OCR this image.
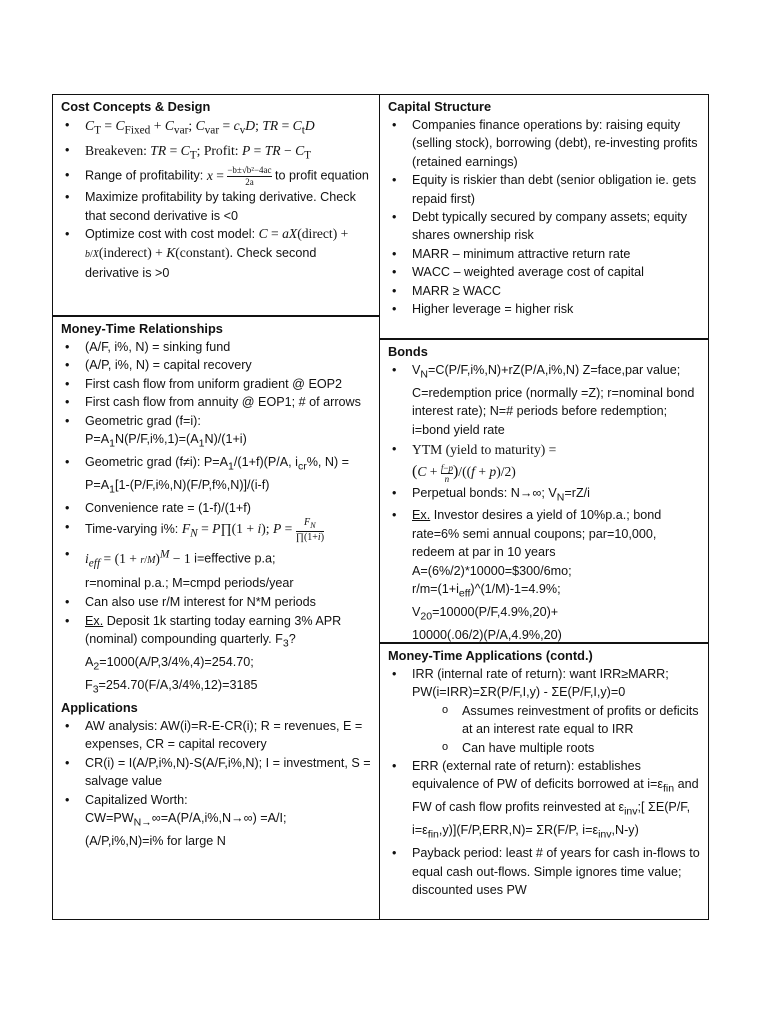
Cost Concepts & Design
• $C_T = C_{Fixed} + C_{var}$; $C_{var} = c_vD$; TR = $C_tD$
• Breakeven: TR = $C_T$; Profit: P = TR − $C_T$
• Range of profitability: $x = \frac{\text{−b±√b²−4ac}}{2a}$ to profit equation
• Maximize profitability by taking derivative. Check that second derivative is <0
• Optimize cost with cost model: C = aX(direct) + b/X(inderect) + K(constant). Check second derivative is >0
Money-Time Relationships
• (A/F, i%, N) = sinking fund
• (A/P, i%, N) = capital recovery
• First cash flow from uniform gradient @ EOP2
• First cash flow from annuity @ EOP1; # of arrows
• Geometric grad (f=i):
$P=A_1N(P/F,i\%,1)=(A_1N)/(1+i)$
• Geometric grad (f≠i): $P=A_1/(1+f)(P/A$, $i_{cr}\%$, $N) = P=A_1[1-(P/F,i\%,N)(F/P,f\%,N)]/(i-f)$
• Convenience rate = (1-f)/(1+f)
• Time-varying i%: $F_N$ = P∏(1 + i); $P = \frac{F_N}{\prod(1+i)}$
• $i_{eff} = (1 + r/M)^M - 1$ i=effective p.a;
r=nominal p.a.; M=cmpd periods/year
• Can also use r/M interest for N*M periods
• Ex. Deposit 1k starting today earning 3% APR (nominal) compounding quarterly. $F_3$?
$A_2=1000(A/P,3/4\%,4)=254.70$;
$F_3=254.70(F/A,3/4\%,12)=3185$
Applications
• AW analysis: AW(i)=R-E-CR(i); R = revenues, E = expenses, CR = capital recovery
• CR(i) = I(A/P,i%,N)-S(A/F,i%,N); I = investment, S = salvage value
• Capitalized Worth:
$CW=PW_{N\to}\infty=A(P/A,i\%,N\to\infty) =A/I$;
(A/P,i%,N)=i% for large N
Capital Structure
• Companies finance operations by: raising equity (selling stock), borrowing (debt), re-investing profits (retained earnings)
• Equity is riskier than debt (senior obligation ie. gets repaid first)
• Debt typically secured by company assets; equity shares ownership risk
• MARR – minimum attractive return rate
• WACC – weighted average cost of capital
• MARR ≥ WACC
• Higher leverage = higher risk
Bonds
• $V_N=C(P/F,i\%,N)+rZ(P/A,i\%,N)$ Z=face,par value; C=redemption price (normally =Z); r=nominal bond interest rate); N=# periods before redemption; i=bond yield rate
• YTM (yield to maturity) =
$(C + \frac{f-p}{n} )/((f + p)/2)$
• Perpetual bonds: N→∞; $V_N=rZ/i$
• Ex. Investor desires a yield of 10%p.a.; bond rate=6% semi annual coupons; par=10,000, redeem at par in 10 years
A=(6%/2)*10000=$300/6mo;
$r/m=(1+i_{eff})\^{}(1/M)-1=4.9\%$;
$V_{20}=10000(P/F,4.9\%,20)+$
10000(.06/2)(P/A,4.9%,20)
Money-Time Applications (contd.)
• IRR (internal rate of return): want IRR≥MARR; PW(i=IRR)=ΣR(P/F,I,y) - ΣE(P/F,I,y)=0
o Assumes reinvestment of profits or deficits at an interest rate equal to IRR
o Can have multiple roots
• ERR (external rate of return): establishes equivalence of PW of deficits borrowed at $i=\varepsilon_{fin}$ and FW of cash flow profits reinvested at $\varepsilon_{inv}$;[ ΣE(P/F, $i=\varepsilon_{fin},y)](F/P,ERR,N)= \Sigma R(F/P$, $i=\varepsilon_{inv},N-y$)
• Payback period: least # of years for cash in-flows to equal cash out-flows. Simple ignores time value; discounted uses PW
